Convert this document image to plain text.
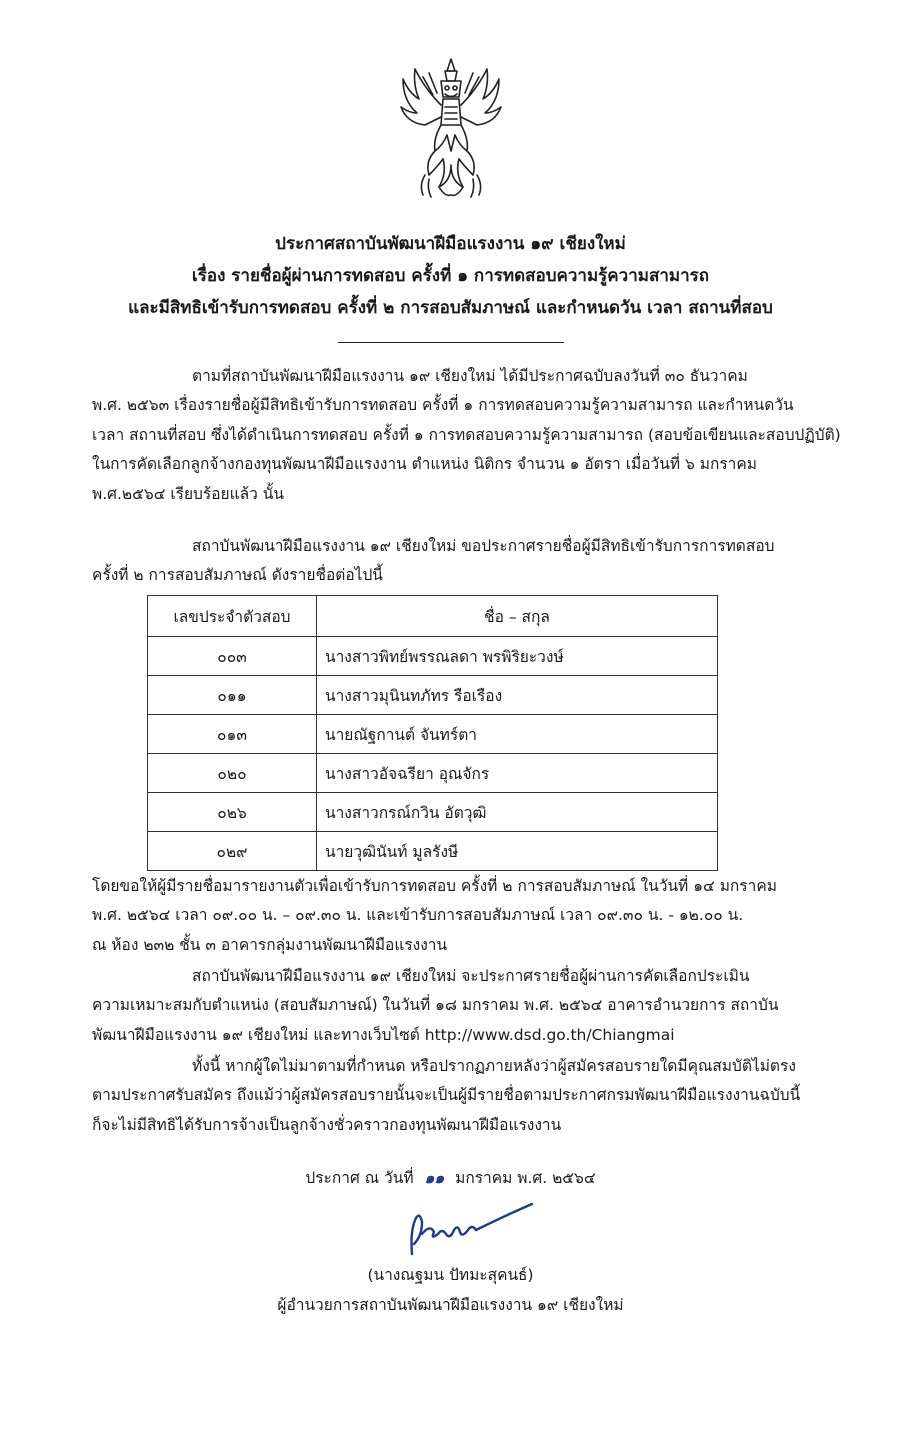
ประกาศสถาบันพัฒนาฝีมือแรงงาน ๑๙ เชียงใหม่
เรื่อง รายชื่อผู้ผ่านการทดสอบ ครั้งที่ ๑ การทดสอบความรู้ความสามารถ
และมีสิทธิเข้ารับการทดสอบ ครั้งที่ ๒ การสอบสัมภาษณ์ และกำหนดวัน เวลา สถานที่สอบ
ตามที่สถาบันพัฒนาฝีมือแรงงาน ๑๙ เชียงใหม่ ได้มีประกาศฉบับลงวันที่ ๓๐ ธันวาคม
พ.ศ. ๒๕๖๓ เรื่องรายชื่อผู้มีสิทธิเข้ารับการทดสอบ ครั้งที่ ๑ การทดสอบความรู้ความสามารถ และกำหนดวัน
เวลา สถานที่สอบ ซึ่งได้ดำเนินการทดสอบ ครั้งที่ ๑ การทดสอบความรู้ความสามารถ (สอบข้อเขียนและสอบปฏิบัติ)
ในการคัดเลือกลูกจ้างกองทุนพัฒนาฝีมือแรงงาน ตำแหน่ง นิติกร จำนวน ๑ อัตรา เมื่อวันที่ ๖ มกราคม
พ.ศ.๒๕๖๔ เรียบร้อยแล้ว นั้น
สถาบันพัฒนาฝีมือแรงงาน ๑๙ เชียงใหม่ ขอประกาศรายชื่อผู้มีสิทธิเข้ารับการการทดสอบ
ครั้งที่ ๒ การสอบสัมภาษณ์ ดังรายชื่อต่อไปนี้
เลขประจำตัวสอบ	ชื่อ – สกุล
๐๐๓	นางสาวพิทย์พรรณลดา พรพิริยะวงษ์
๐๑๑	นางสาวมุนินทภัทร รือเรือง
๐๑๓	นายณัฐกานต์ จันทร์ตา
๐๒๐	นางสาวอัจฉรียา อุณจักร
๐๒๖	นางสาวกรณ์กวิน อัตวุฒิ
๐๒๙	นายวุฒินันท์ มูลรังษี
โดยขอให้ผู้มีรายชื่อมารายงานตัวเพื่อเข้ารับการทดสอบ ครั้งที่ ๒ การสอบสัมภาษณ์ ในวันที่ ๑๔ มกราคม
พ.ศ. ๒๕๖๔ เวลา ๐๙.๐๐ น. – ๐๙.๓๐ น. และเข้ารับการสอบสัมภาษณ์ เวลา ๐๙.๓๐ น. - ๑๒.๐๐ น.
ณ ห้อง ๒๓๒ ชั้น ๓ อาคารกลุ่มงานพัฒนาฝีมือแรงงาน
สถาบันพัฒนาฝีมือแรงงาน ๑๙ เชียงใหม่ จะประกาศรายชื่อผู้ผ่านการคัดเลือกประเมิน
ความเหมาะสมกับตำแหน่ง (สอบสัมภาษณ์) ในวันที่ ๑๘ มกราคม พ.ศ. ๒๕๖๔ อาคารอำนวยการ สถาบัน
พัฒนาฝีมือแรงงาน ๑๙ เชียงใหม่ และทางเว็บไซต์ http://www.dsd.go.th/Chiangmai
ทั้งนี้ หากผู้ใดไม่มาตามที่กำหนด หรือปรากฏภายหลังว่าผู้สมัครสอบรายใดมีคุณสมบัติไม่ตรง
ตามประกาศรับสมัคร ถึงแม้ว่าผู้สมัครสอบรายนั้นจะเป็นผู้มีรายชื่อตามประกาศกรมพัฒนาฝีมือแรงงานฉบับนี้
ก็จะไม่มีสิทธิได้รับการจ้างเป็นลูกจ้างชั่วคราวกองทุนพัฒนาฝีมือแรงงาน
ประกาศ ณ วันที่ ๑๑ มกราคม พ.ศ. ๒๕๖๔
(นางณฐมน ปัทมะสุคนธ์)
ผู้อำนวยการสถาบันพัฒนาฝีมือแรงงาน ๑๙ เชียงใหม่
